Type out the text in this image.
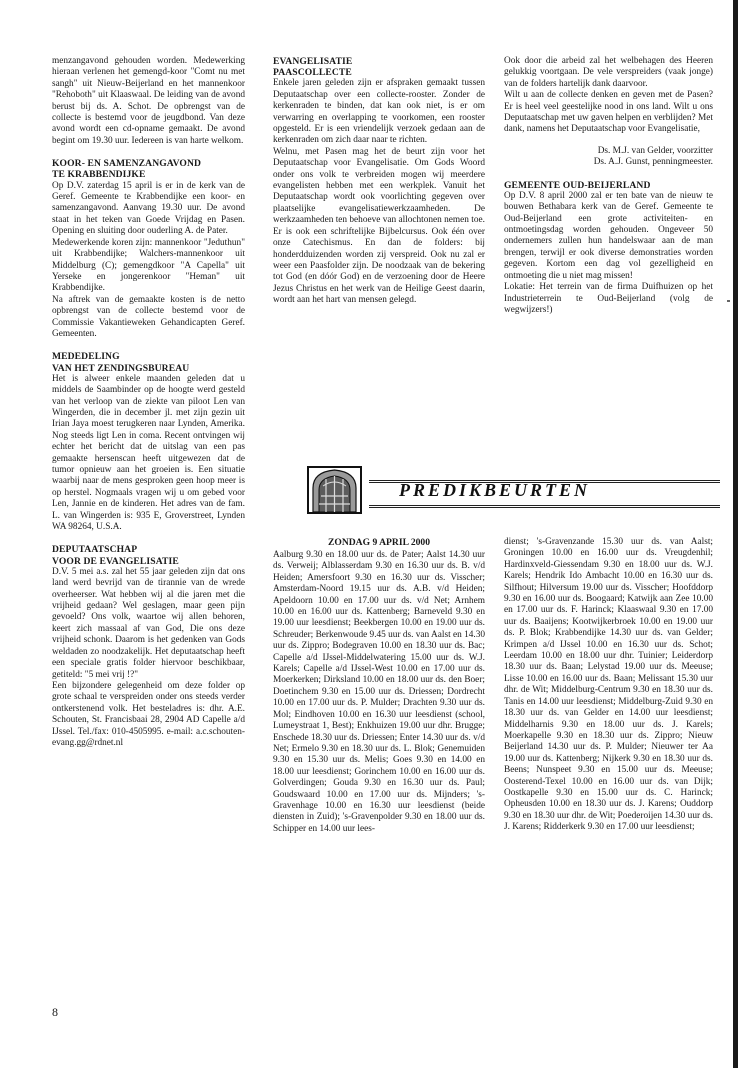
menzangavond gehouden worden. Medewerking hieraan verlenen het gemengd-koor "Comt nu met sangh" uit Nieuw-Beijerland en het mannenkoor "Rehoboth" uit Klaaswaal. De leiding van de avond berust bij ds. A. Schot. De opbrengst van de collecte is bestemd voor de jeugdbond. Van deze avond wordt een cd-opname gemaakt. De avond begint om 19.30 uur. Iedereen is van harte welkom.

KOOR- EN SAMENZANGAVOND
TE KRABBENDIJKE

Op D.V. zaterdag 15 april is er in de kerk van de Geref. Gemeente te Krabbendijke een koor- en samenzangavond. Aanvang 19.30 uur. De avond staat in het teken van Goede Vrijdag en Pasen. Opening en sluiting door ouderling A. de Pater.

Medewerkende koren zijn: mannenkoor "Jeduthun" uit Krabbendijke; Walchers-mannenkoor uit Middelburg (C); gemengdkoor "A Capella" uit Yerseke en jongerenkoor "Heman" uit Krabbendijke.

Na aftrek van de gemaakte kosten is de netto opbrengst van de collecte bestemd voor de Commissie Vakantieweken Gehandicapten Geref. Gemeenten.

MEDEDELING
VAN HET ZENDINGSBUREAU

Het is alweer enkele maanden geleden dat u middels de Saambinder op de hoogte werd gesteld van het verloop van de ziekte van piloot Len van Wingerden, die in december jl. met zijn gezin uit Irian Jaya moest terugkeren naar Lynden, Amerika. Nog steeds ligt Len in coma. Recent ontvingen wij echter het bericht dat de uitslag van een pas gemaakte hersenscan heeft uitgewezen dat de tumor opnieuw aan het groeien is. Een situatie waarbij naar de mens gesproken geen hoop meer is op herstel. Nogmaals vragen wij u om gebed voor Len, Jannie en de kinderen. Het adres van de fam. L. van Wingerden is: 935 E, Groverstreet, Lynden WA 98264, U.S.A.

DEPUTAATSCHAP
VOOR DE EVANGELISATIE

D.V. 5 mei a.s. zal het 55 jaar geleden zijn dat ons land werd bevrijd van de tirannie van de wrede overheerser. Wat hebben wij al die jaren met die vrijheid gedaan? Wel geslagen, maar geen pijn gevoeld? Ons volk, waartoe wij allen behoren, keert zich massaal af van God, Die ons deze vrijheid schonk. Daarom is het gedenken van Gods weldaden zo noodzakelijk. Het deputaatschap heeft een speciale gratis folder hiervoor beschikbaar, getiteld: "5 mei vrij !?"

Een bijzondere gelegenheid om deze folder op grote schaal te verspreiden onder ons steeds verder ontkerstenend volk. Het besteladres is: dhr. A.E. Schouten, St. Francisbaai 28, 2904 AD Capelle a/d IJssel. Tel./fax: 010-4505995. e-mail: a.c.schouten-evang.gg@rdnet.nl

EVANGELISATIE
PAASCOLLECTE

Enkele jaren geleden zijn er afspraken gemaakt tussen Deputaatschap over een collecte-rooster. Zonder de kerkenraden te binden, dat kan ook niet, is er om verwarring en overlapping te voorkomen, een rooster opgesteld. Er is een vriendelijk verzoek gedaan aan de kerkenraden om zich daar naar te richten.

Welnu, met Pasen mag het de beurt zijn voor het Deputaatschap voor Evangelisatie. Om Gods Woord onder ons volk te verbreiden mogen wij meerdere evangelisten hebben met een werkplek. Vanuit het Deputaatschap wordt ook voorlichting gegeven over plaatselijke evangelisatiewerkzaamheden. De werkzaamheden ten behoeve van allochtonen nemen toe.

Er is ook een schriftelijke Bijbelcursus. Ook één over onze Catechismus. En dan de folders: bij honderdduizenden worden zij verspreid. Ook nu zal er weer een Paasfolder zijn. De noodzaak van de bekering tot God (en dóór God) en de verzoening door de Heere Jezus Christus en het werk van de Heilige Geest daarin, wordt aan het hart van mensen gelegd.

Ook door die arbeid zal het welbehagen des Heeren gelukkig voortgaan. De vele verspreiders (vaak jonge) van de folders hartelijk dank daarvoor.

Wilt u aan de collecte denken en geven met de Pasen? Er is heel veel geestelijke nood in ons land. Wilt u ons Deputaatschap met uw gaven helpen en verblijden? Met dank, namens het Deputaatschap voor Evangelisatie,

Ds. M.J. van Gelder, voorzitter

Ds. A.J. Gunst, penningmeester.

GEMEENTE OUD-BEIJERLAND

Op D.V. 8 april 2000 zal er ten bate van de nieuw te bouwen Bethabara kerk van de Geref. Gemeente te Oud-Beijerland een grote activiteiten- en ontmoetingsdag worden gehouden. Ongeveer 50 ondernemers zullen hun handelswaar aan de man brengen, terwijl er ook diverse demonstraties worden gegeven. Kortom een dag vol gezelligheid en ontmoeting die u niet mag missen!

Lokatie: Het terrein van de firma Duifhuizen op het Industrieterrein te Oud-Beijerland (volg de wegwijzers!)

PREDIKBEURTEN
ZONDAG 9 APRIL 2000

Aalburg 9.30 en 18.00 uur ds. de Pater; Aalst 14.30 uur ds. Verweij; Alblasserdam 9.30 en 16.30 uur ds. B. v/d Heiden; Amersfoort 9.30 en 16.30 uur ds. Visscher; Amsterdam-Noord 19.15 uur ds. A.B. v/d Heiden; Apeldoorn 10.00 en 17.00 uur ds. v/d Net; Arnhem 10.00 en 16.00 uur ds. Kattenberg; Barneveld 9.30 en 19.00 uur leesdienst; Beekbergen 10.00 en 19.00 uur ds. Schreuder; Berkenwoude 9.45 uur ds. van Aalst en 14.30 uur ds. Zippro; Bodegraven 10.00 en 18.30 uur ds. Bac; Capelle a/d IJssel-Middelwatering 15.00 uur ds. W.J. Karels; Capelle a/d IJssel-West 10.00 en 17.00 uur ds. Moerkerken; Dirksland 10.00 en 18.00 uur ds. den Boer; Doetinchem 9.30 en 15.00 uur ds. Driessen; Dordrecht 10.00 en 17.00 uur ds. P. Mulder; Drachten 9.30 uur ds. Mol; Eindhoven 10.00 en 16.30 uur leesdienst (school, Lumeystraat 1, Best); Enkhuizen 19.00 uur dhr. Brugge; Enschede 18.30 uur ds. Driessen; Enter 14.30 uur ds. v/d Net; Ermelo 9.30 en 18.30 uur ds. L. Blok; Genemuiden 9.30 en 15.30 uur ds. Melis; Goes 9.30 en 14.00 en 18.00 uur leesdienst; Gorinchem 10.00 en 16.00 uur ds. Golverdingen; Gouda 9.30 en 16.30 uur ds. Paul; Goudswaard 10.00 en 17.00 uur ds. Mijnders; 's-Gravenhage 10.00 en 16.30 uur leesdienst (beide diensten in Zuid); 's-Gravenpolder 9.30 en 18.00 uur ds. Schipper en 14.00 uur lees-

dienst; 's-Gravenzande 15.30 uur ds. van Aalst; Groningen 10.00 en 16.00 uur ds. Vreugdenhil; Hardinxveld-Giessendam 9.30 en 18.00 uur ds. W.J. Karels; Hendrik Ido Ambacht 10.00 en 16.30 uur ds. Silfhout; Hilversum 19.00 uur ds. Visscher; Hoofddorp 9.30 en 16.00 uur ds. Boogaard; Katwijk aan Zee 10.00 en 17.00 uur ds. F. Harinck; Klaaswaal 9.30 en 17.00 uur ds. Baaijens; Kootwijkerbroek 10.00 en 19.00 uur ds. P. Blok; Krabbendijke 14.30 uur ds. van Gelder; Krimpen a/d IJssel 10.00 en 16.30 uur ds. Schot; Leerdam 10.00 en 18.00 uur dhr. Tuinier; Leiderdorp 18.30 uur ds. Baan; Lelystad 19.00 uur ds. Meeuse; Lisse 10.00 en 16.00 uur ds. Baan; Melissant 15.30 uur dhr. de Wit; Middelburg-Centrum 9.30 en 18.30 uur ds. Tanis en 14.00 uur leesdienst; Middelburg-Zuid 9.30 en 18.30 uur ds. van Gelder en 14.00 uur leesdienst; Middelharnis 9.30 en 18.00 uur ds. J. Karels; Moerkapelle 9.30 en 18.30 uur ds. Zippro; Nieuw Beijerland 14.30 uur ds. P. Mulder; Nieuwer ter Aa 19.00 uur ds. Kattenberg; Nijkerk 9.30 en 18.30 uur ds. Beens; Nunspeet 9.30 en 15.00 uur ds. Meeuse; Oosterend-Texel 10.00 en 16.00 uur ds. van Dijk; Oostkapelle 9.30 en 15.00 uur ds. C. Harinck; Opheusden 10.00 en 18.30 uur ds. J. Karens; Ouddorp 9.30 en 18.30 uur dhr. de Wit; Poederoijen 14.30 uur ds. J. Karens; Ridderkerk 9.30 en 17.00 uur leesdienst;

8
